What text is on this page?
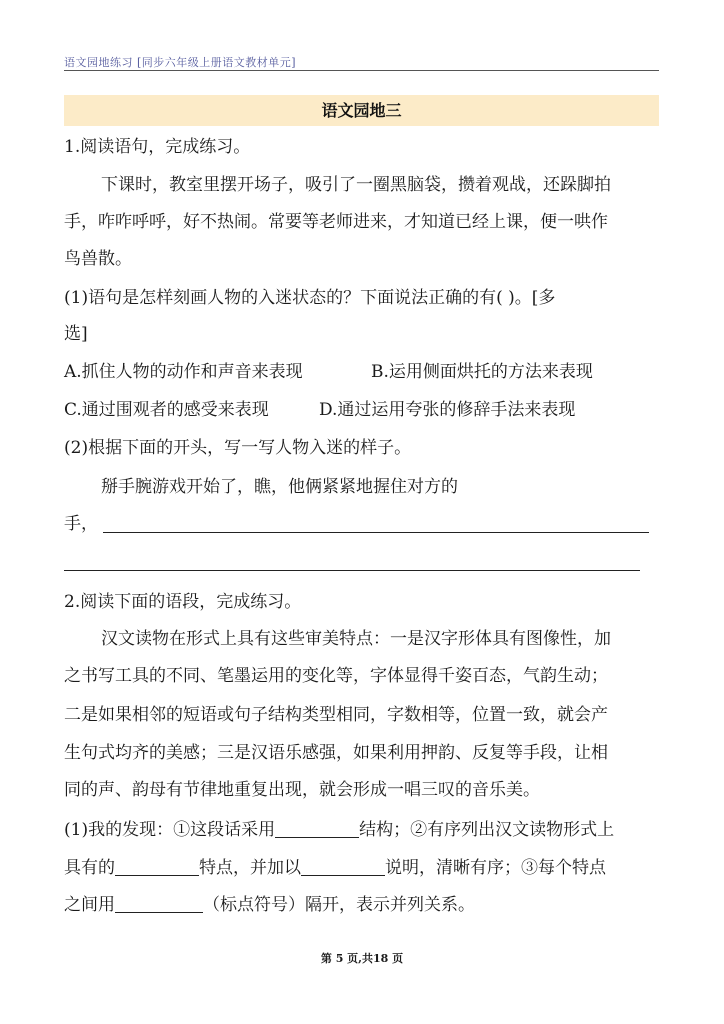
语文园地练习 [同步六年级上册语文教材单元]
语文园地三
1.阅读语句，完成练习。
下课时，教室里摆开场子，吸引了一圈黑脑袋，攒着观战，还跺脚拍
手，咋咋呼呼，好不热闹。常要等老师进来，才知道已经上课，便一哄作
鸟兽散。
(1)语句是怎样刻画人物的入迷状态的？下面说法正确的有( )。[多
选]
A.抓住人物的动作和声音来表现	B.运用侧面烘托的方法来表现
C.通过围观者的感受来表现	D.通过运用夸张的修辞手法来表现
(2)根据下面的开头，写一写人物入迷的样子。
掰手腕游戏开始了，瞧，他俩紧紧地握住对方的
手，
2.阅读下面的语段，完成练习。
汉文读物在形式上具有这些审美特点：一是汉字形体具有图像性，加
之书写工具的不同、笔墨运用的变化等，字体显得千姿百态，气韵生动；
二是如果相邻的短语或句子结构类型相同，字数相等，位置一致，就会产
生句式均齐的美感；三是汉语乐感强，如果利用押韵、反复等手段，让相
同的声、韵母有节律地重复出现，就会形成一唱三叹的音乐美。
(1)我的发现：①这段话采用	结构；②有序列出汉文读物形式上
具有的	特点，并加以	说明，清晰有序；③每个特点
之间用	（标点符号）隔开，表示并列关系。
第 5 页,共18 页
